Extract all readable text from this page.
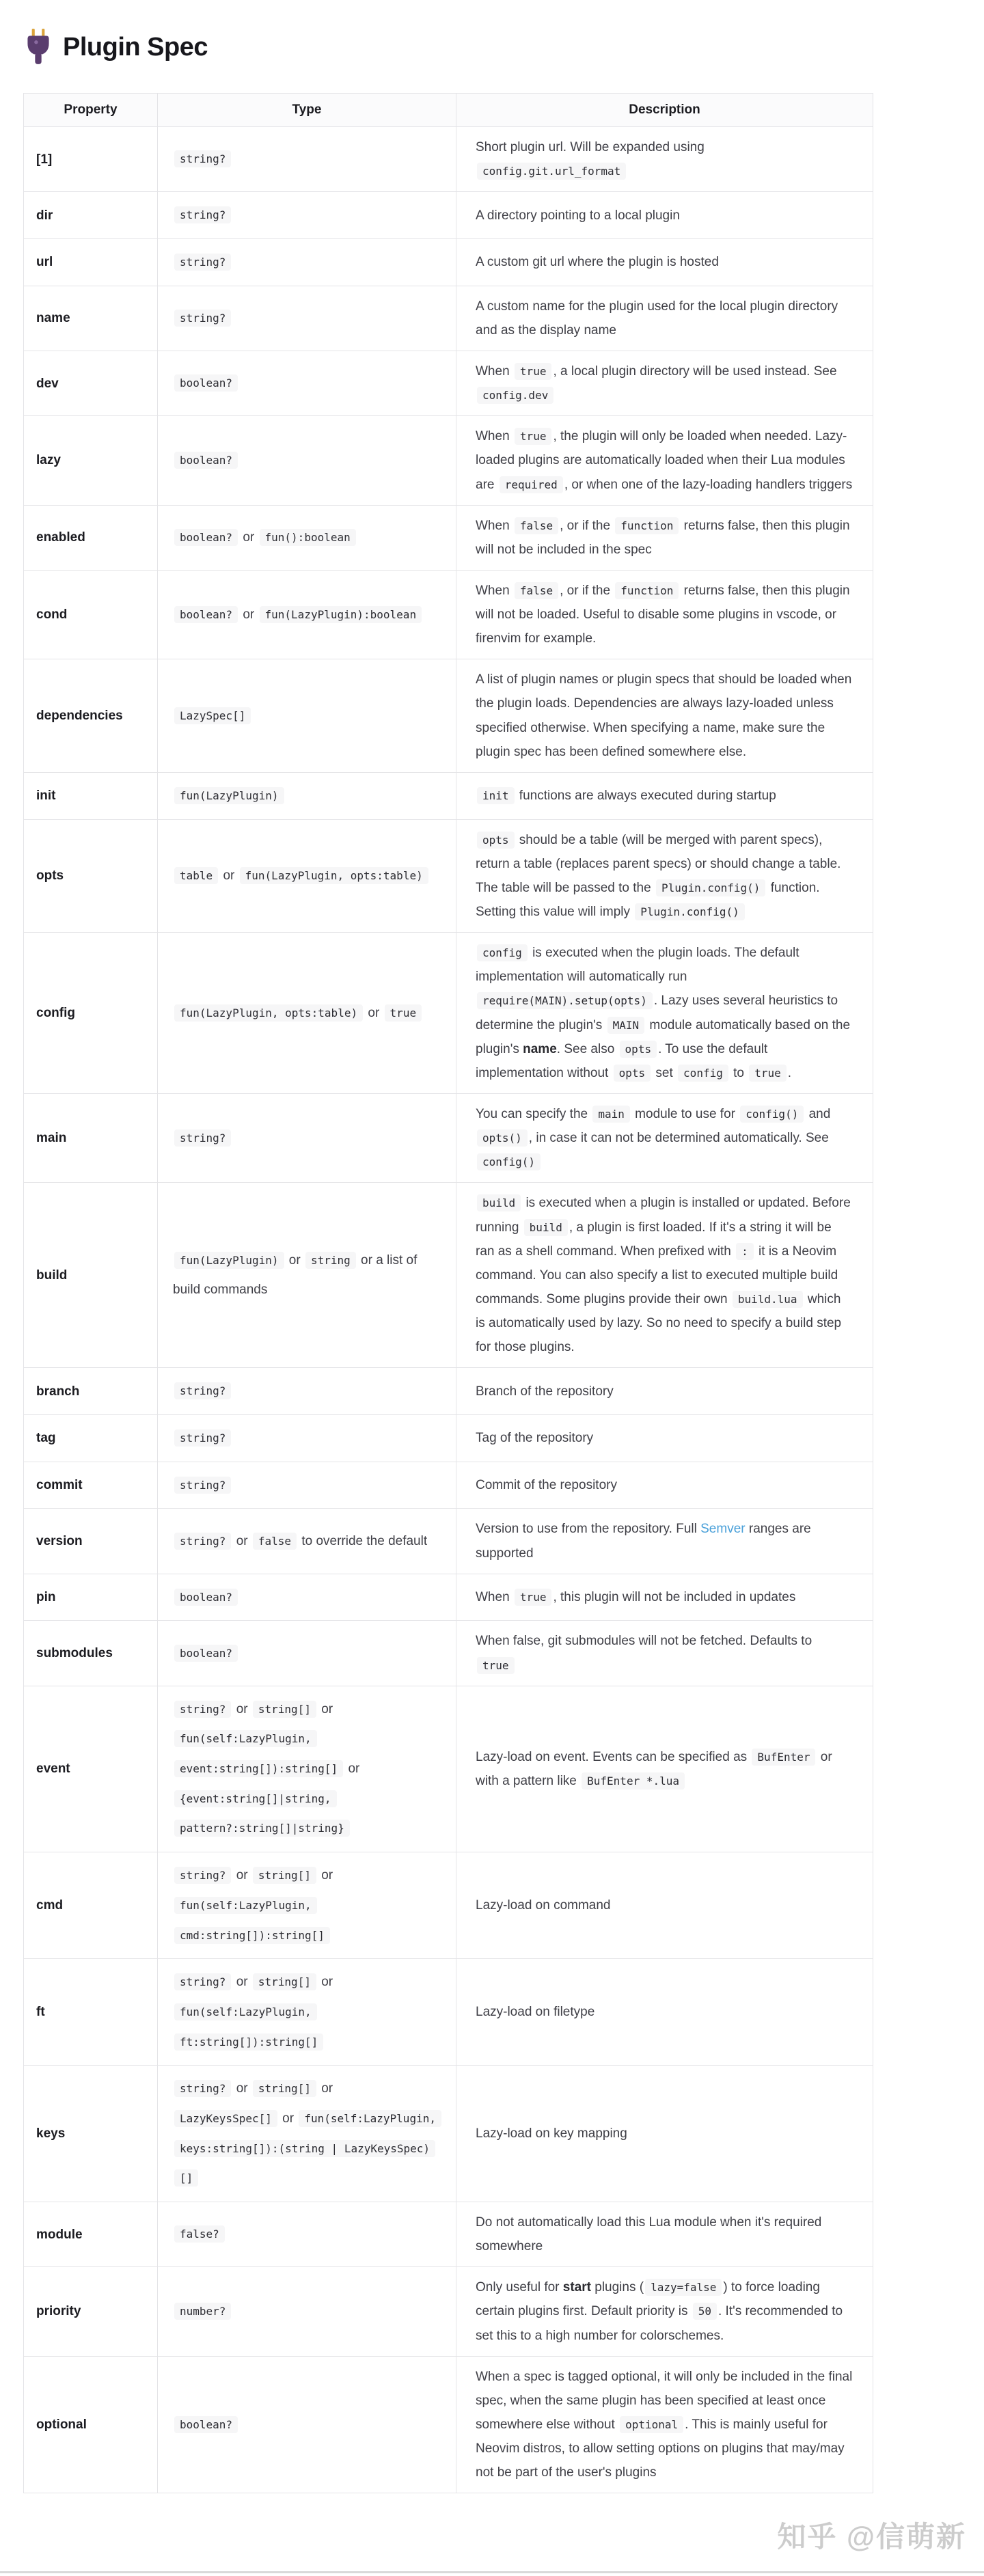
Plugin Spec
Property	Type	Description
[1]	string?	Short plugin url. Will be expanded using config.git.url_format
dir	string?	A directory pointing to a local plugin
url	string?	A custom git url where the plugin is hosted
name	string?	A custom name for the plugin used for the local plugin directory and as the display name
dev	boolean?	When true , a local plugin directory will be used instead. See config.dev
lazy	boolean?	When true , the plugin will only be loaded when needed. Lazy-loaded plugins are automatically loaded when their Lua modules are required , or when one of the lazy-loading handlers triggers
enabled	boolean? or fun():boolean	When false , or if the function returns false, then this plugin will not be included in the spec
cond	boolean? or fun(LazyPlugin):boolean	When false , or if the function returns false, then this plugin will not be loaded. Useful to disable some plugins in vscode, or firenvim for example.
dependencies	LazySpec[]	A list of plugin names or plugin specs that should be loaded when the plugin loads. Dependencies are always lazy-loaded unless specified otherwise. When specifying a name, make sure the plugin spec has been defined somewhere else.
init	fun(LazyPlugin)	init functions are always executed during startup
opts	table or fun(LazyPlugin, opts:table)	opts should be a table (will be merged with parent specs), return a table (replaces parent specs) or should change a table. The table will be passed to the Plugin.config() function. Setting this value will imply Plugin.config()
config	fun(LazyPlugin, opts:table) or true	config is executed when the plugin loads. The default implementation will automatically run require(MAIN).setup(opts) . Lazy uses several heuristics to determine the plugin's MAIN module automatically based on the plugin's name. See also opts . To use the default implementation without opts set config to true .
main	string?	You can specify the main module to use for config() and opts() , in case it can not be determined automatically. See config()
build	fun(LazyPlugin) or string or a list of build commands	build is executed when a plugin is installed or updated. Before running build , a plugin is first loaded. If it's a string it will be ran as a shell command. When prefixed with : it is a Neovim command. You can also specify a list to executed multiple build commands. Some plugins provide their own build.lua which is automatically used by lazy. So no need to specify a build step for those plugins.
branch	string?	Branch of the repository
tag	string?	Tag of the repository
commit	string?	Commit of the repository
version	string? or false to override the default	Version to use from the repository. Full Semver ranges are supported
pin	boolean?	When true , this plugin will not be included in updates
submodules	boolean?	When false, git submodules will not be fetched. Defaults to true
event	string? or string[] or fun(self:LazyPlugin, event:string[]):string[] or {event:string[]|string, pattern?:string[]|string}	Lazy-load on event. Events can be specified as BufEnter or with a pattern like BufEnter *.lua
cmd	string? or string[] or fun(self:LazyPlugin, cmd:string[]):string[]	Lazy-load on command
ft	string? or string[] or fun(self:LazyPlugin, ft:string[]):string[]	Lazy-load on filetype
keys	string? or string[] or LazyKeysSpec[] or fun(self:LazyPlugin, keys:string[]):(string | LazyKeysSpec)[]	Lazy-load on key mapping
module	false?	Do not automatically load this Lua module when it's required somewhere
priority	number?	Only useful for start plugins ( lazy=false ) to force loading certain plugins first. Default priority is 50 . It's recommended to set this to a high number for colorschemes.
optional	boolean?	When a spec is tagged optional, it will only be included in the final spec, when the same plugin has been specified at least once somewhere else without optional . This is mainly useful for Neovim distros, to allow setting options on plugins that may/may not be part of the user's plugins
知乎 @信萌新
